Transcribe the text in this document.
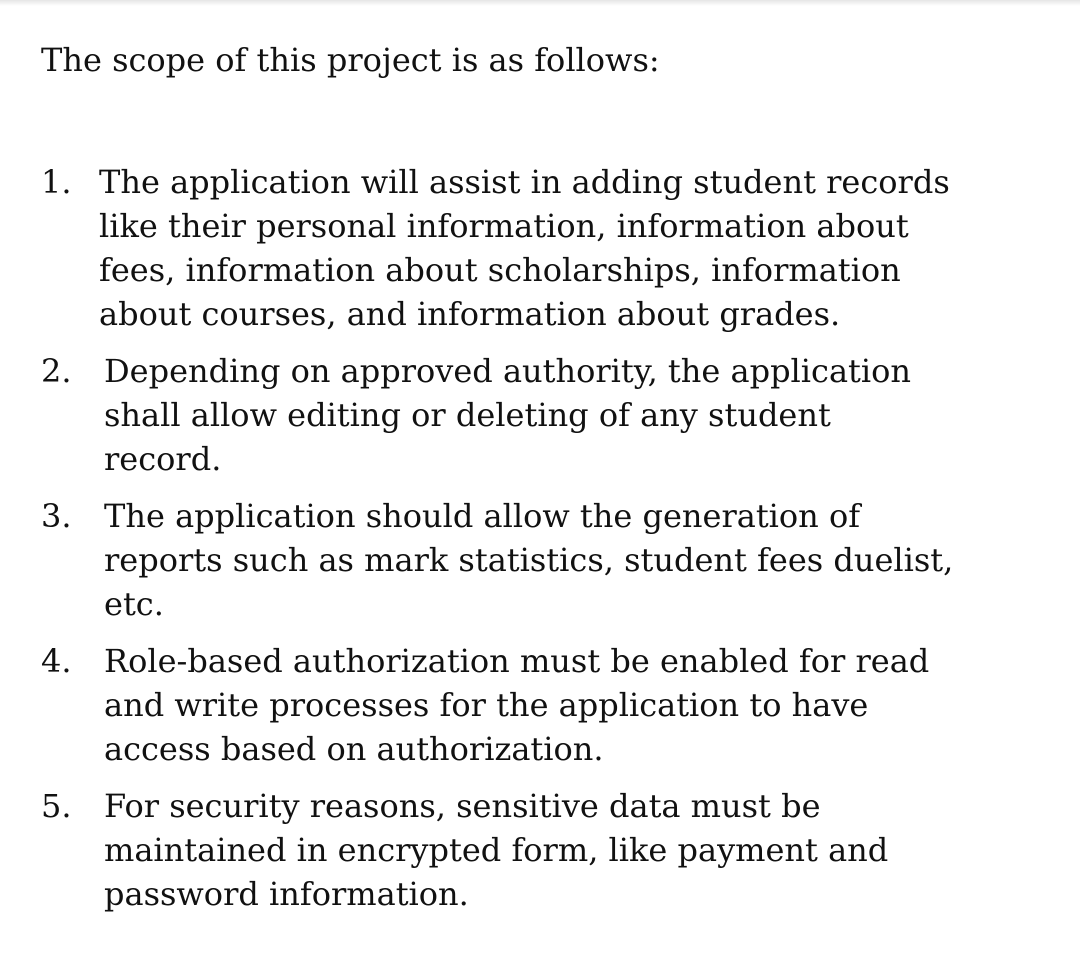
The scope of this project is as follows:

1. The application will assist in adding student records
like their personal information, information about
fees, information about scholarships, information
about courses, and information about grades.
2.	Depending on approved authority, the application
shall allow editing or deleting of any student
record.
3.	The application should allow the generation of
reports such as mark statistics, student fees duelist,
etc.
4.	Role-based authorization must be enabled for read
and write processes for the application to have
access based on authorization.
5.	For security reasons, sensitive data must be
maintained in encrypted form, like payment and
password information.
